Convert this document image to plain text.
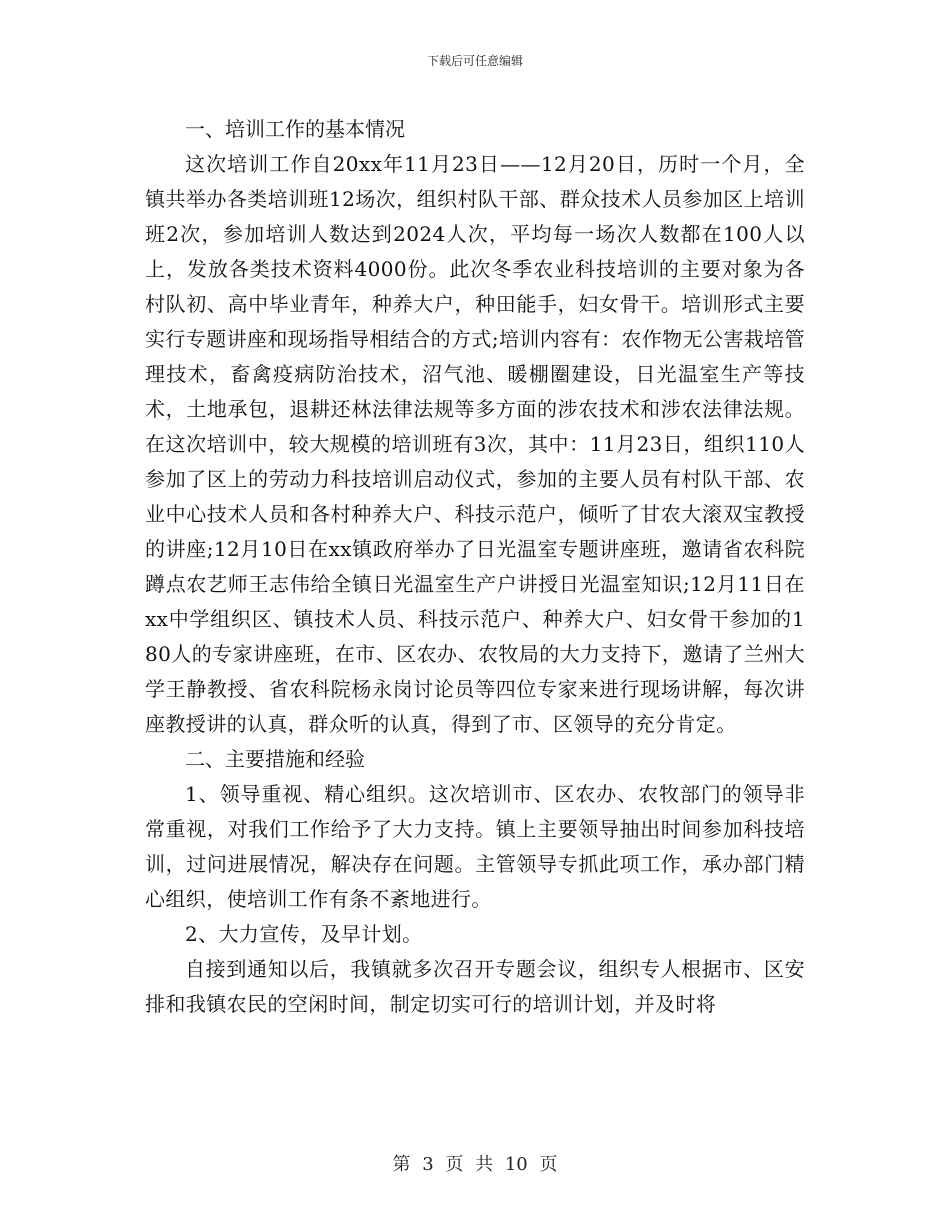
下载后可任意编辑

一、培训工作的基本情况

这次培训工作自20xx年11月23日——12月20日，历时一个月，全镇共举办各类培训班12场次，组织村队干部、群众技术人员参加区上培训班2次，参加培训人数达到2024人次，平均每一场次人数都在100人以上，发放各类技术资料4000份。此次冬季农业科技培训的主要对象为各村队初、高中毕业青年，种养大户，种田能手，妇女骨干。培训形式主要实行专题讲座和现场指导相结合的方式;培训内容有：农作物无公害栽培管理技术，畜禽疫病防治技术，沼气池、暖棚圈建设，日光温室生产等技术，土地承包，退耕还林法律法规等多方面的涉农技术和涉农法律法规。在这次培训中，较大规模的培训班有3次，其中：11月23日，组织110人参加了区上的劳动力科技培训启动仪式，参加的主要人员有村队干部、农业中心技术人员和各村种养大户、科技示范户，倾听了甘农大滚双宝教授的讲座;12月10日在xx镇政府举办了日光温室专题讲座班，邀请省农科院蹲点农艺师王志伟给全镇日光温室生产户讲授日光温室知识;12月11日在xx中学组织区、镇技术人员、科技示范户、种养大户、妇女骨干参加的180人的专家讲座班，在市、区农办、农牧局的大力支持下，邀请了兰州大学王静教授、省农科院杨永岗讨论员等四位专家来进行现场讲解，每次讲座教授讲的认真，群众听的认真，得到了市、区领导的充分肯定。

二、主要措施和经验

1、领导重视、精心组织。这次培训市、区农办、农牧部门的领导非常重视，对我们工作给予了大力支持。镇上主要领导抽出时间参加科技培训，过问进展情况，解决存在问题。主管领导专抓此项工作，承办部门精心组织，使培训工作有条不紊地进行。

2、大力宣传，及早计划。

自接到通知以后，我镇就多次召开专题会议，组织专人根据市、区安排和我镇农民的空闲时间，制定切实可行的培训计划，并及时将

第 3 页 共 10 页
